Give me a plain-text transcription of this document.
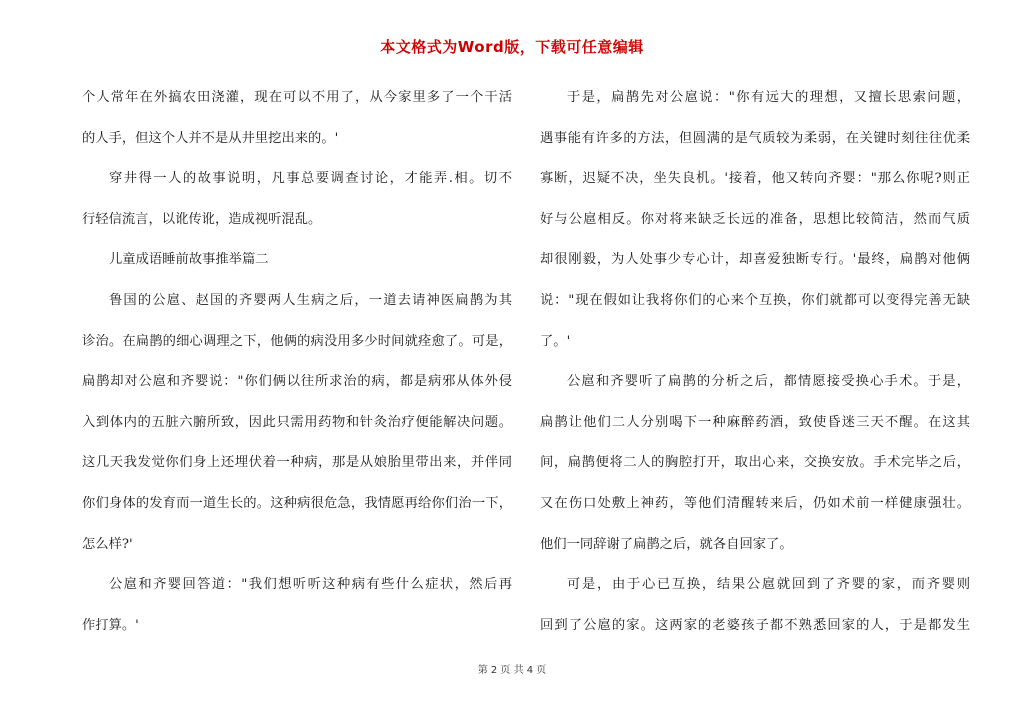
本文格式为Word版，下载可任意编辑
个人常年在外搞农田浇灌，现在可以不用了，从今家里多了一个干活
的人手，但这个人并不是从井里挖出来的。'
穿井得一人的故事说明，凡事总要调查讨论，才能弄.相。切不
行轻信流言，以讹传讹，造成视听混乱。
儿童成语睡前故事推举篇二
鲁国的公扈、赵国的齐婴两人生病之后，一道去请神医扁鹊为其
诊治。在扁鹊的细心调理之下，他俩的病没用多少时间就痊愈了。可是，
扁鹊却对公扈和齐婴说："你们俩以往所求治的病，都是病邪从体外侵
入到体内的五脏六腑所致，因此只需用药物和针灸治疗便能解决问题。
这几天我发觉你们身上还埋伏着一种病，那是从娘胎里带出来，并伴同
你们身体的发育而一道生长的。这种病很危急，我情愿再给你们治一下，
怎么样?'
公扈和齐婴回答道："我们想听听这种病有些什么症状，然后再
作打算。'
于是，扁鹊先对公扈说："你有远大的理想，又擅长思索问题，
遇事能有许多的方法，但圆满的是气质较为柔弱，在关键时刻往往优柔
寡断，迟疑不决，坐失良机。'接着，他又转向齐婴："那么你呢?则正
好与公扈相反。你对将来缺乏长远的准备，思想比较简洁，然而气质
却很刚毅，为人处事少专心计，却喜爱独断专行。'最终，扁鹊对他俩
说："现在假如让我将你们的心来个互换，你们就都可以变得完善无缺
了。'
公扈和齐婴听了扁鹊的分析之后，都情愿接受换心手术。于是，
扁鹊让他们二人分别喝下一种麻醉药酒，致使昏迷三天不醒。在这其
间，扁鹊便将二人的胸腔打开，取出心来，交换安放。手术完毕之后，
又在伤口处敷上神药，等他们清醒转来后，仍如术前一样健康强壮。
他们一同辞谢了扁鹊之后，就各自回家了。
可是，由于心已互换，结果公扈就回到了齐婴的家，而齐婴则
回到了公扈的家。这两家的老婆孩子都不熟悉回家的人，于是都发生
第 2 页 共 4 页
